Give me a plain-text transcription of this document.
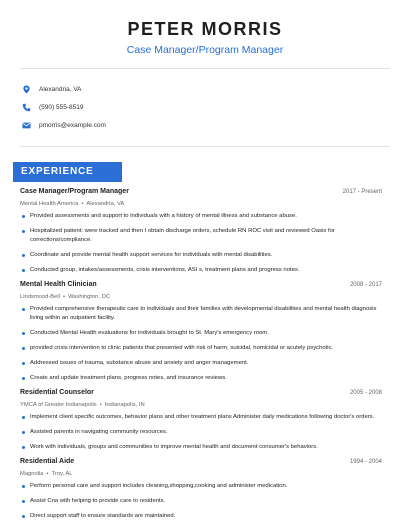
PETER MORRIS
Case Manager/Program Manager
Alexandria, VA
(590) 555-8519
pmorris@example.com
EXPERIENCE
Case Manager/Program Manager	2017 - Present
Mental Health America • Alexandria, VA
Provided assessments and support to individuals with a history of mental illness and substance abuse.
Hospitalized patient: were tracked and then I obtain discharge orders, schedule RN ROC visit and reviewed Oasis for corrections/compliance.
Coordinate and provide mental health support services for individuals with mental disabilities.
Conducted group, intakes/assessments, crisis interventions, ASI s, treatment plans and progress notes.
Mental Health Clinician	2008 - 2017
Lindsmood-Bell • Washington, DC
Provided comprehensive therapeutic care to individuals and their families with developmental disabilities and mental health diagnosis living within an outpatient facility.
Conducted Mental Health evaluations for individuals brought to St. Mary's emergency room.
provided crisis intervention to clinic patients that presented with risk of harm, suicidal, homicidal or acutely psychotic.
Addressed issues of trauma, substance abuse and anxiety and anger management.
Create and update treatment plans, progress notes, and insurance reviews.
Residential Counselor	2005 - 2008
YMCA of Greater Indianapolis • Indianapolis, IN
Implement client specific outcomes, behavior plans and other treatment plans Administer daily medications following doctor's orders.
Assisted parents in navigating community resources.
Work with individuals, groups and communities to improve mental health and document consumer's behaviors.
Residential Aide	1994 - 2004
Magnolia • Troy, AL
Perform personal care and support includes cleaning,shopping,cooking and administer medication.
Assist Cna with helping to provide care to residents.
Direct support staff to ensure standards are maintained.
